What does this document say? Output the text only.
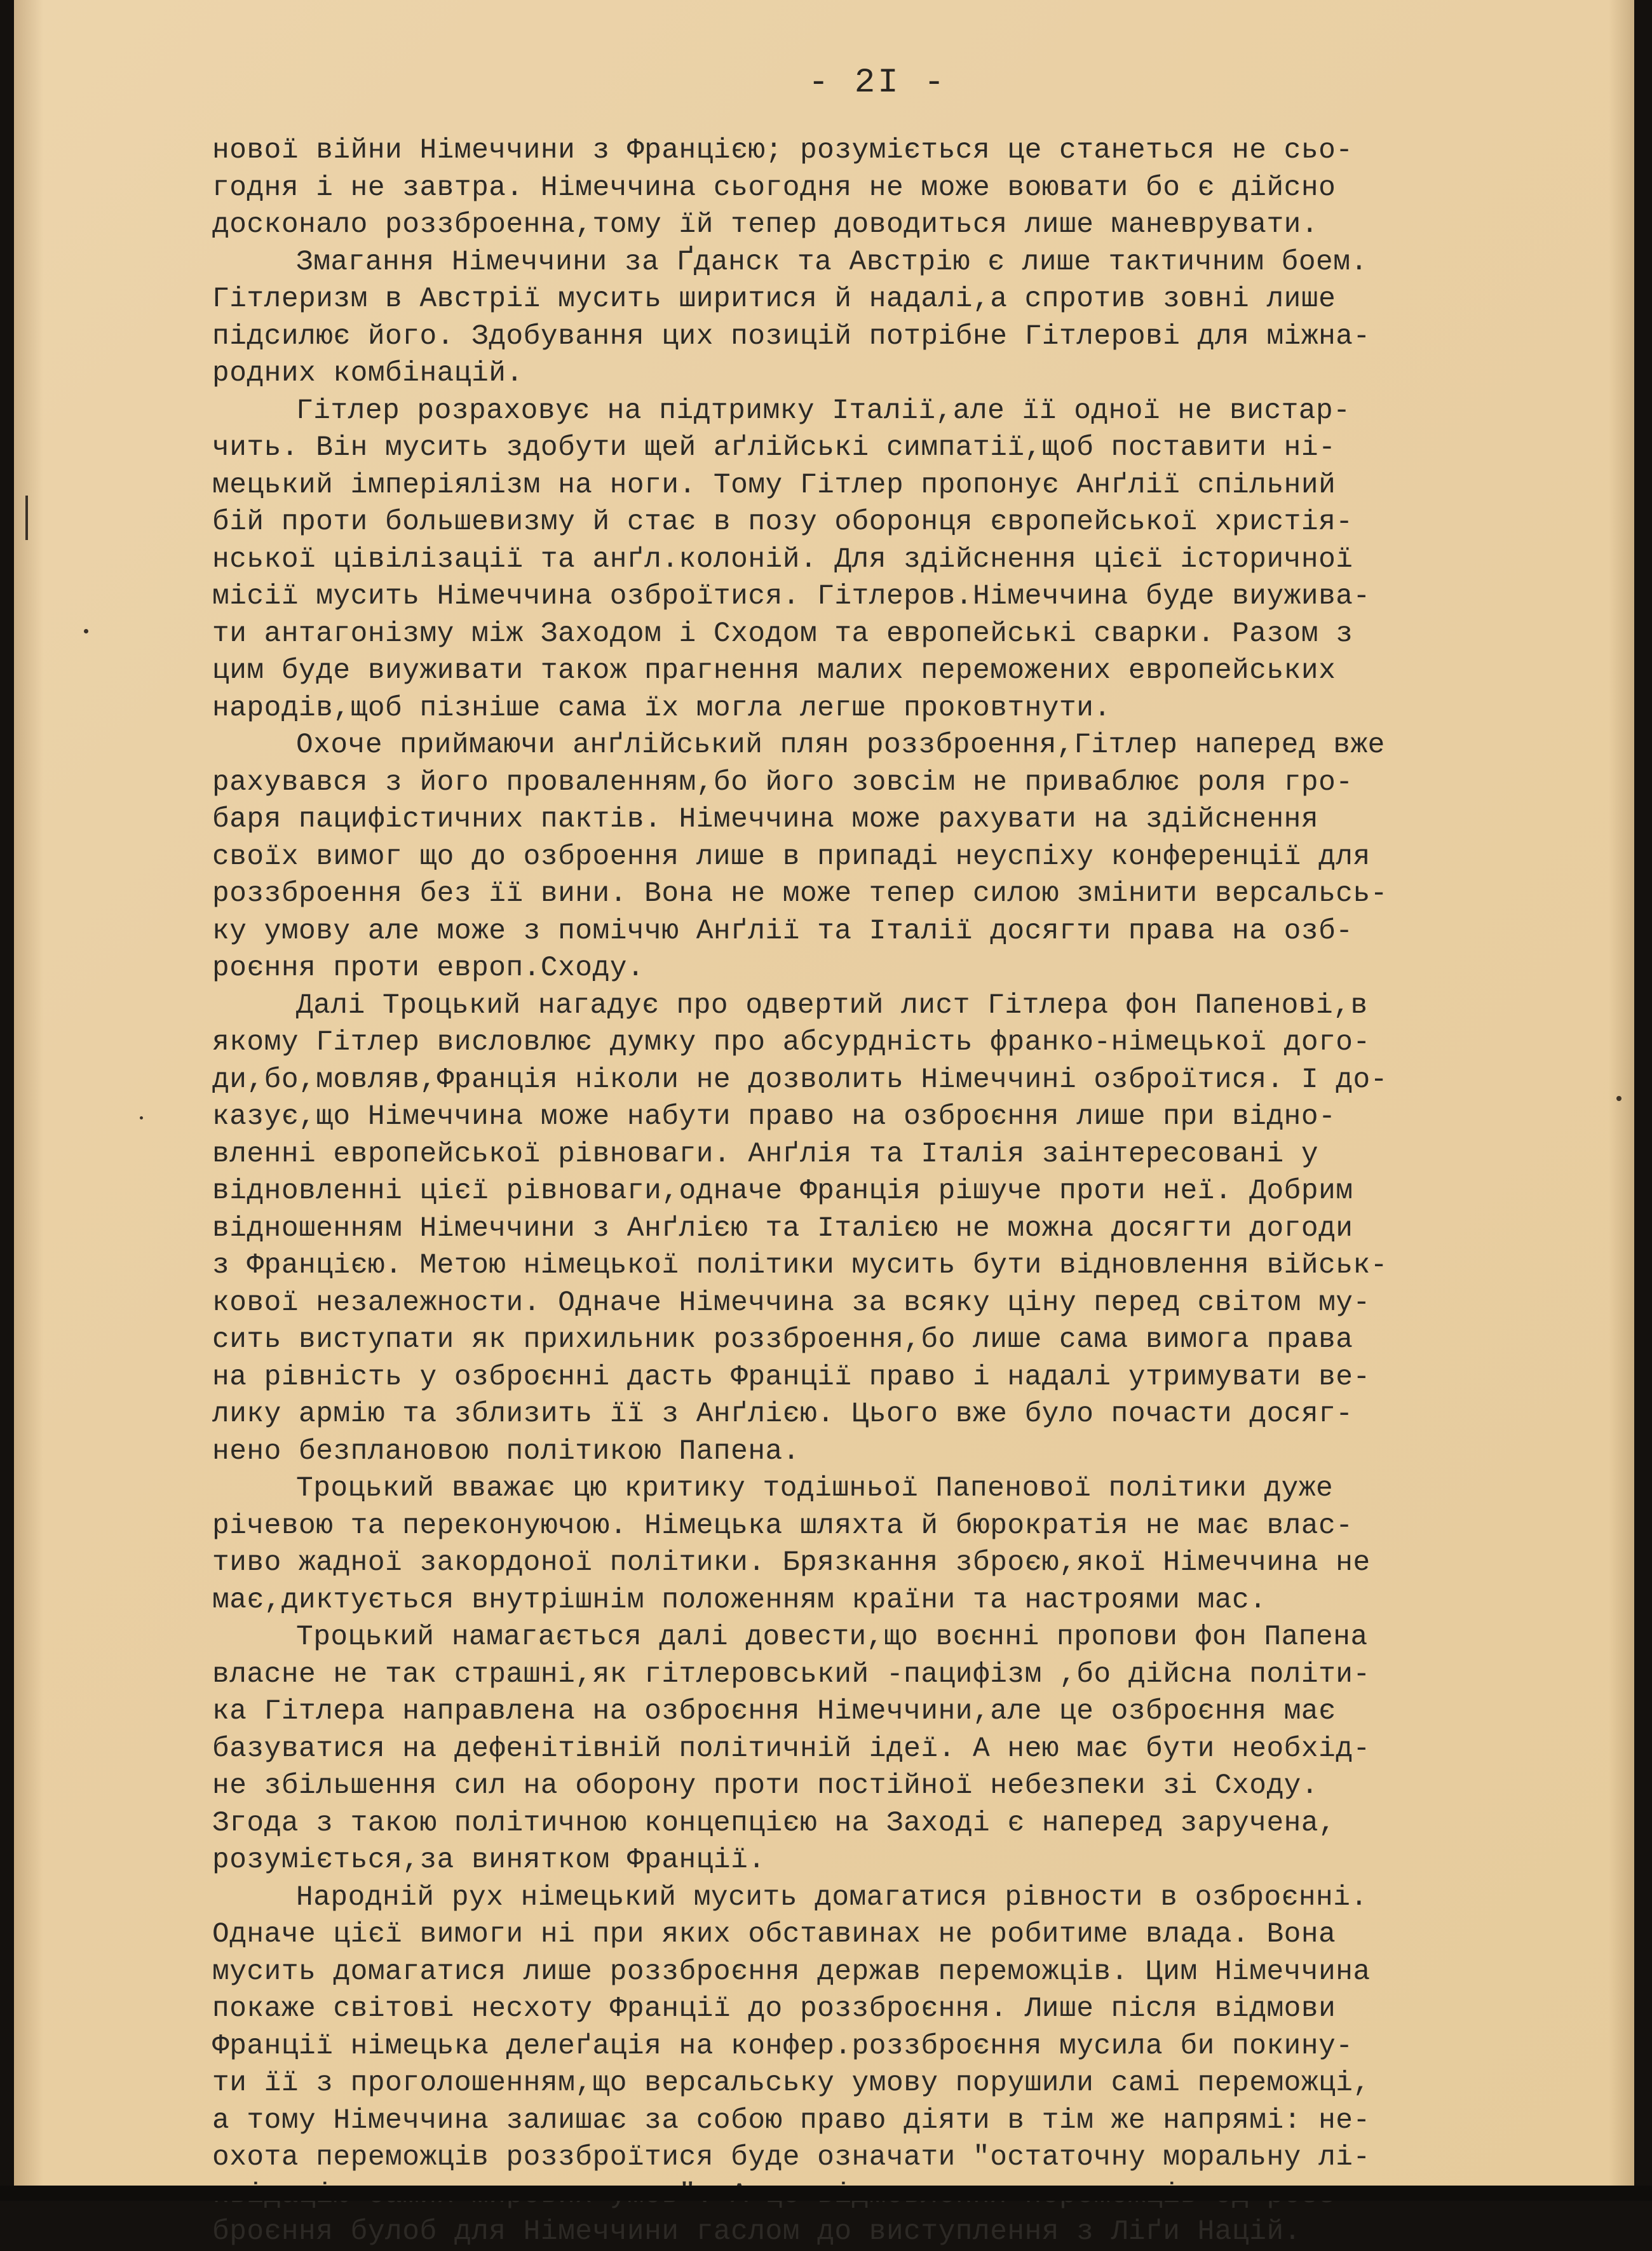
- 2I -
нової війни Німеччини з Францією; розуміється це станеться не сьо-
годня і не завтра. Німеччина сьогодня не може воювати бо є дійсно
досконало роззброенна,тому їй тепер доводиться лише маневрувати.
Змагання Німеччини за Ґданск та Австрію є лише тактичним боем.
Гітлеризм в Австрії мусить ширитися й надалі,а спротив зовні лише
підсилює його. Здобування цих позицій потрібне Гітлерові для міжна-
родних комбінацій.
Гітлер розраховує на підтримку Італії,але її одної не вистар-
чить. Він мусить здобути щей аґлійські симпатії,щоб поставити ні-
мецький імперіялізм на ноги. Тому Гітлер пропонує Анґлії спільний
бій проти большевизму й стає в позу оборонця європейської христія-
нської цівілізації та анґл.колоній. Для здійснення цієї історичної
місії мусить Німеччина озброїтися. Гітлеров.Німеччина буде виужива-
ти антагонізму між Заходом і Сходом та европейські сварки. Разом з
цим буде виуживати також прагнення малих переможених европейських
народів,щоб пізніше сама їх могла легше проковтнути.
Охоче приймаючи анґлійський плян роззброення,Гітлер наперед вже
рахувався з його проваленням,бо його зовсім не приваблює роля гро-
баря пацифістичних пактів. Німеччина може рахувати на здійснення
своїх вимог що до озброення лише в припаді неуспіху конференції для
роззброення без її вини. Вона не може тепер силою змінити версальсь-
ку умову але може з поміччю Анґлії та Італії досягти права на озб-
роєння проти европ.Сходу.
Далі Троцький нагадує про одвертий лист Гітлера фон Папенові,в
якому Гітлер висловлює думку про абсурдність франко-німецької дого-
ди,бо,мовляв,Франція ніколи не дозволить Німеччині озброїтися. І до-
казує,що Німеччина може набути право на озброєння лише при відно-
вленні европейської рівноваги. Анґлія та Італія заінтересовані у
відновленні цієї рівноваги,одначе Франція рішуче проти неї. Добрим
відношенням Німеччини з Анґлією та Італією не можна досягти догоди
з Францією. Метою німецької політики мусить бути відновлення військ-
кової незалежности. Одначе Німеччина за всяку ціну перед світом му-
сить виступати як прихильник роззброення,бо лише сама вимога права
на рівність у озброєнні дасть Франції право і надалі утримувати ве-
лику армію та зблизить її з Анґлією. Цього вже було почасти досяг-
нено безплановою політикою Папена.
Троцький вважає цю критику тодішньої Папенової політики дуже
річевою та переконуючою. Німецька шляхта й бюрократія не має влас-
тиво жадної закордоної політики. Брязкання зброєю,якої Німеччина не
має,диктується внутрішнім положенням країни та настроями мас.
Троцький намагається далі довести,що воєнні пропови фон Папена
власне не так страшні,як гітлеровський -пацифізм ,бо дійсна політи-
ка Гітлера направлена на озброєння Німеччини,але це озброєння має
базуватися на дефенітівній політичній ідеї. А нею має бути необхід-
не збільшення сил на оборону проти постійної небезпеки зі Сходу.
Згода з такою політичною концепцією на Заході є наперед заручена,
розуміється,за винятком Франції.
Народній рух німецький мусить домагатися рівности в озброєнні.
Одначе цієї вимоги ні при яких обставинах не робитиме влада. Вона
мусить домагатися лише роззброєння держав переможців. Цим Німеччина
покаже світові несхоту Франції до роззброєння. Лише після відмови
Франції німецька делеґація на конфер.роззброєння мусила би покину-
ти її з проголошенням,що версальську умову порушили самі переможці,
а тому Німеччина залишає за собою право діяти в тім же напрямі: не-
охота переможців роззброїтися буде означати "остаточну моральну лі-
броєння булоб для Німеччини гаслом до виступлення з Ліґи Націй.
